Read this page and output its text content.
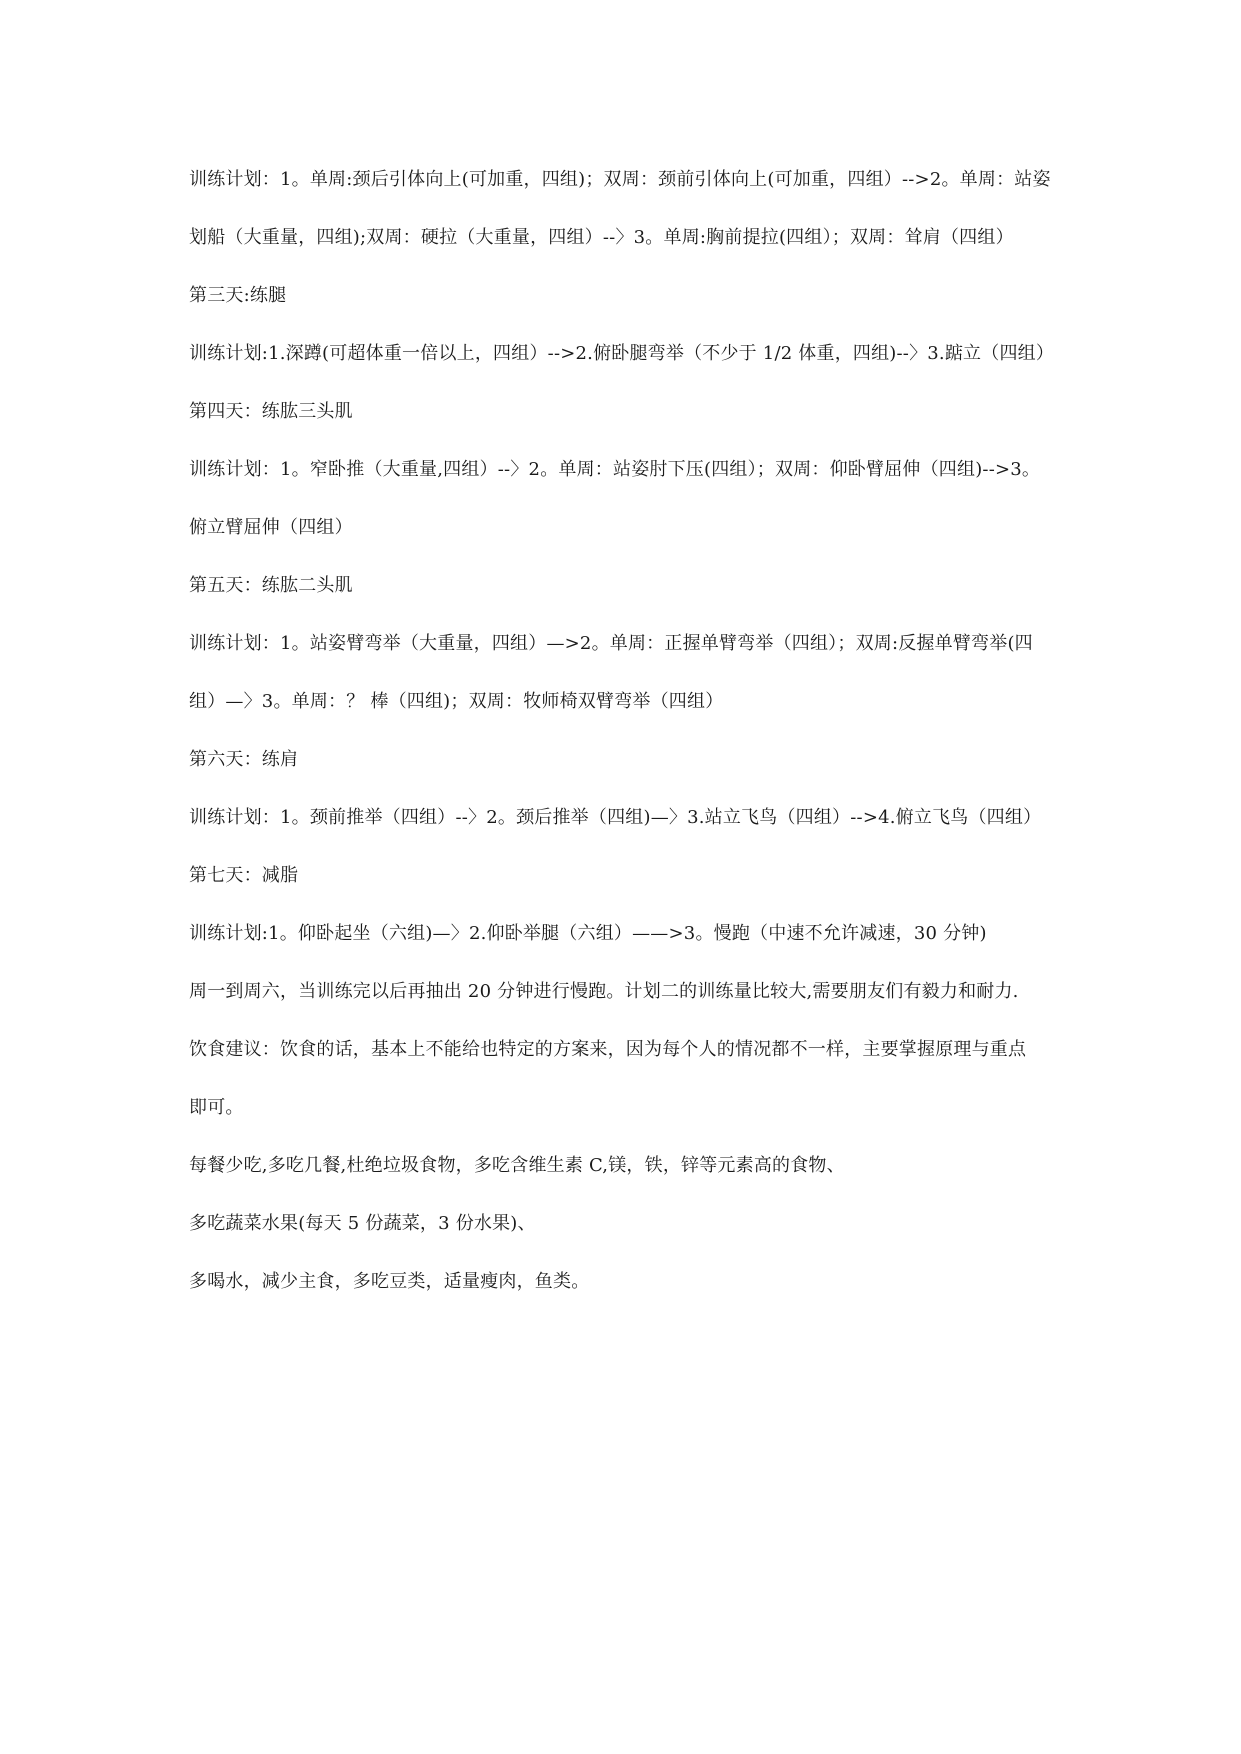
训练计划：1。单周:颈后引体向上(可加重，四组)；双周：颈前引体向上(可加重，四组）-->2。单周：站姿
划船（大重量，四组);双周：硬拉（大重量，四组）--〉3。单周:胸前提拉(四组）；双周：耸肩（四组）
第三天:练腿
训练计划:1.深蹲(可超体重一倍以上，四组）-->2.俯卧腿弯举（不少于 1/2 体重，四组)--〉3.踮立（四组）
第四天：练肱三头肌
训练计划：1。窄卧推（大重量,四组）--〉2。单周：站姿肘下压(四组）；双周：仰卧臂屈伸（四组)-->3。
俯立臂屈伸（四组）
第五天：练肱二头肌
训练计划：1。站姿臂弯举（大重量，四组）—>2。单周：正握单臂弯举（四组）；双周:反握单臂弯举(四
组）—〉3。单周：？ 棒（四组)；双周：牧师椅双臂弯举（四组）
第六天：练肩
训练计划：1。颈前推举（四组）--〉2。颈后推举（四组)—〉3.站立飞鸟（四组）-->4.俯立飞鸟（四组）
第七天：减脂
训练计划:1。仰卧起坐（六组)—〉2.仰卧举腿（六组）——>3。慢跑（中速不允许减速，30 分钟)
周一到周六，当训练完以后再抽出 20 分钟进行慢跑。计划二的训练量比较大,需要朋友们有毅力和耐力.
饮食建议：饮食的话，基本上不能给也特定的方案来，因为每个人的情况都不一样，主要掌握原理与重点
即可。
每餐少吃,多吃几餐,杜绝垃圾食物，多吃含维生素 C,镁，铁，锌等元素高的食物、
多吃蔬菜水果(每天 5 份蔬菜，3 份水果)、
多喝水，减少主食，多吃豆类，适量瘦肉，鱼类。
